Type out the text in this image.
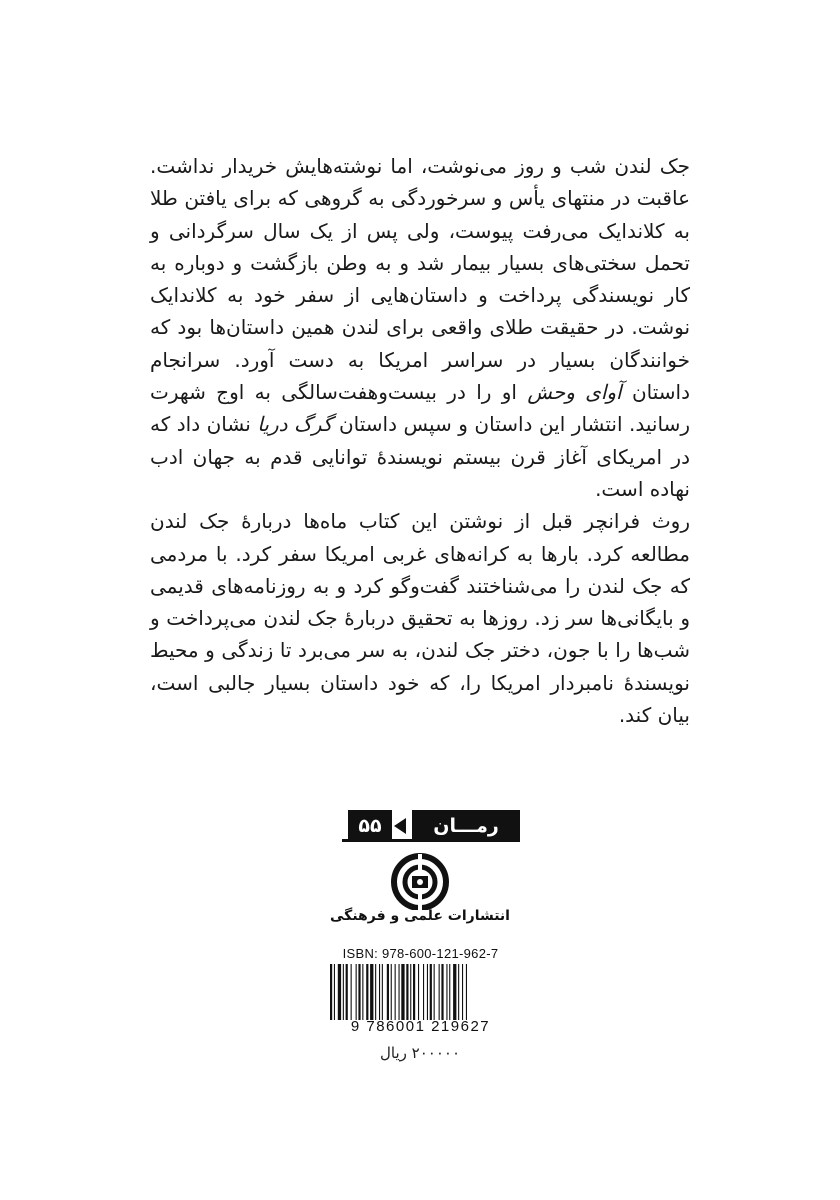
جک لندن شب و روز می‌نوشت، اما نوشته‌هایش خریدار نداشت. عاقبت در منتهای یأس و سرخوردگی به گروهی که برای یافتن طلا به کلاندایک می‌رفت پیوست، ولی پس از یک سال سرگردانی و تحمل سختی‌های بسیار بیمار شد و به وطن بازگشت و دوباره به کار نویسندگی پرداخت و داستان‌هایی از سفر خود به کلاندایک نوشت. در حقیقت طلای واقعی برای لندن همین داستان‌ها بود که خوانندگان بسیار در سراسر امریکا به دست آورد. سرانجام داستان آوای وحش او را در بیست‌وهفت‌سالگی به اوج شهرت رسانید. انتشار این داستان و سپس داستان گرگ دریا نشان داد که در امریکای آغاز قرن بیستم نویسندهٔ توانایی قدم به جهان ادب نهاده است.

روث فرانچر قبل از نوشتن این کتاب ماه‌ها دربارهٔ جک لندن مطالعه کرد. بارها به کرانه‌های غربی امریکا سفر کرد. با مردمی که جک لندن را می‌شناختند گفت‌وگو کرد و به روزنامه‌های قدیمی و بایگانی‌ها سر زد. روزها به تحقیق دربارهٔ جک لندن می‌پرداخت و شب‌ها را با جون، دختر جک لندن، به سر می‌برد تا زندگی و محیط نویسندهٔ نامبردار امریکا را، که خود داستان بسیار جالبی است، بیان کند.

رمـــان
۵۵
انتشارات علمی و فرهنگی
ISBN: 978-600-121-962-7
9 786001 219627
۲۰۰۰۰۰ ریال
